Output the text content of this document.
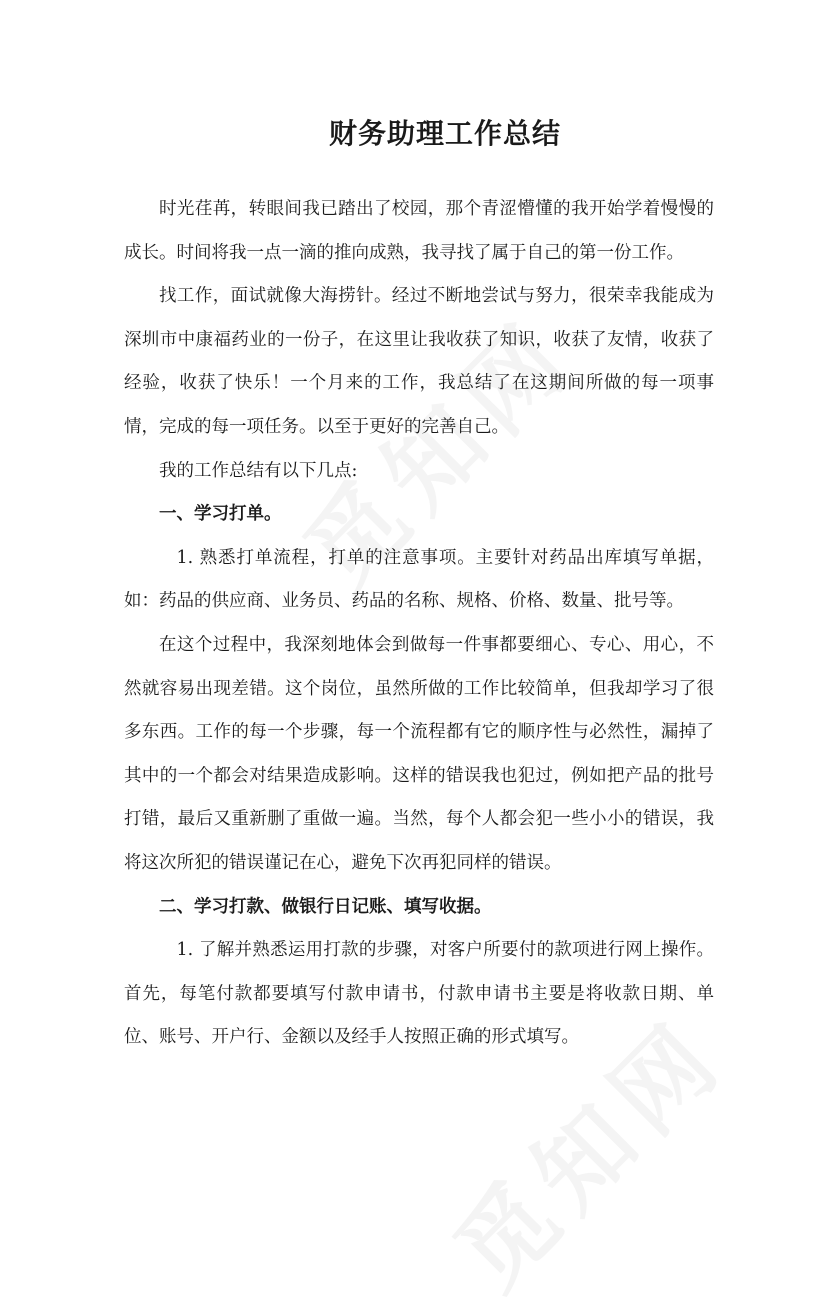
财务助理工作总结

时光荏苒，转眼间我已踏出了校园，那个青涩懵懂的我开始学着慢慢的成长。时间将我一点一滴的推向成熟，我寻找了属于自己的第一份工作。

找工作，面试就像大海捞针。经过不断地尝试与努力，很荣幸我能成为深圳市中康福药业的一份子，在这里让我收获了知识，收获了友情，收获了经验，收获了快乐！一个月来的工作，我总结了在这期间所做的每一项事情，完成的每一项任务。以至于更好的完善自己。

我的工作总结有以下几点:

一、学习打单。

1. 熟悉打单流程，打单的注意事项。主要针对药品出库填写单据，如：药品的供应商、业务员、药品的名称、规格、价格、数量、批号等。

在这个过程中，我深刻地体会到做每一件事都要细心、专心、用心，不然就容易出现差错。这个岗位，虽然所做的工作比较简单，但我却学习了很多东西。工作的每一个步骤，每一个流程都有它的顺序性与必然性，漏掉了其中的一个都会对结果造成影响。这样的错误我也犯过，例如把产品的批号打错，最后又重新删了重做一遍。当然，每个人都会犯一些小小的错误，我将这次所犯的错误谨记在心，避免下次再犯同样的错误。

二、学习打款、做银行日记账、填写收据。

1. 了解并熟悉运用打款的步骤，对客户所要付的款项进行网上操作。首先，每笔付款都要填写付款申请书，付款申请书主要是将收款日期、单位、账号、开户行、金额以及经手人按照正确的形式填写。
